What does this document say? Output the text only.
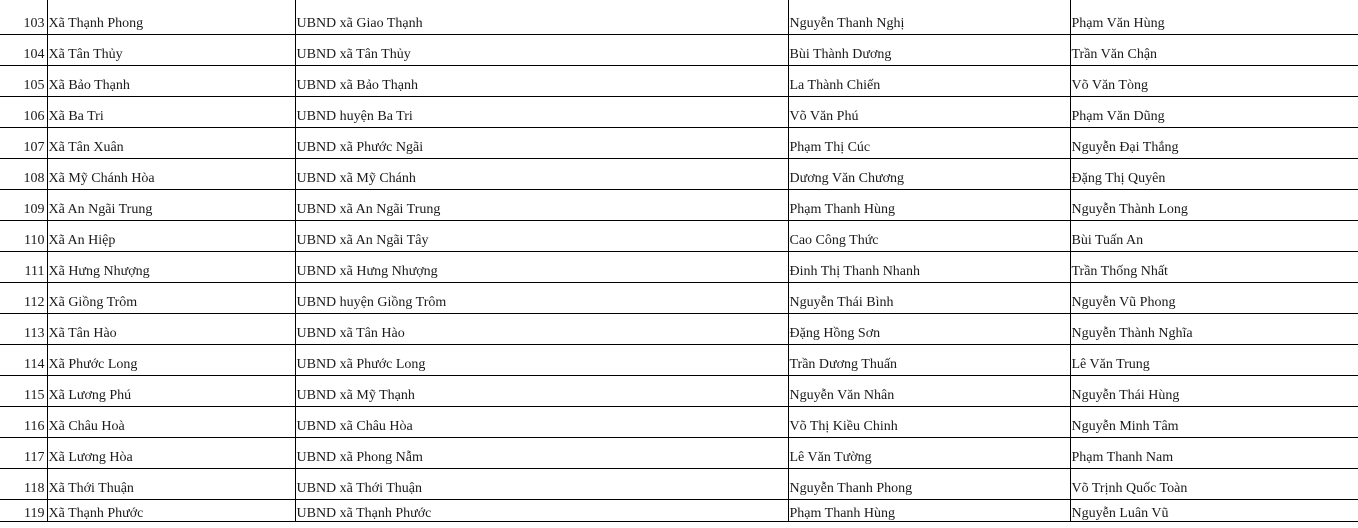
103	Xã Thạnh Phong	UBND xã Giao Thạnh	Nguyễn Thanh Nghị	Phạm Văn Hùng

104	Xã Tân Thủy	UBND xã Tân Thủy	Bùi Thành Dương	Trần Văn Chận

105	Xã Bảo Thạnh	UBND xã Bảo Thạnh	La Thành Chiến	Võ Văn Tòng

106	Xã Ba Tri	UBND huyện Ba Tri	Võ Văn Phú	Phạm Văn Dũng

107	Xã Tân Xuân	UBND xã Phước Ngãi	Phạm Thị Cúc	Nguyễn Đại Thắng

108	Xã Mỹ Chánh Hòa	UBND xã Mỹ Chánh	Dương Văn Chương	Đặng Thị Quyên

109	Xã An Ngãi Trung	UBND xã An Ngãi Trung	Phạm Thanh Hùng	Nguyễn Thành Long

110	Xã An Hiệp	UBND xã An Ngãi Tây	Cao Công Thức	Bùi Tuấn An

111	Xã Hưng Nhượng	UBND xã Hưng Nhượng	Đinh Thị Thanh Nhanh	Trần Thống Nhất

112	Xã Giồng Trôm	UBND huyện Giồng Trôm	Nguyễn Thái Bình	Nguyễn Vũ Phong

113	Xã Tân Hào	UBND xã Tân Hào	Đặng Hồng Sơn	Nguyễn Thành Nghĩa

114	Xã Phước Long	UBND xã Phước Long	Trần Dương Thuấn	Lê Văn Trung

115	Xã Lương Phú	UBND xã Mỹ Thạnh	Nguyễn Văn Nhân	Nguyễn Thái Hùng

116	Xã Châu Hoà	UBND xã Châu Hòa	Võ Thị Kiều Chinh	Nguyễn Minh Tâm

117	Xã Lương Hòa	UBND xã Phong Nẫm	Lê Văn Tường	Phạm Thanh Nam

118	Xã Thới Thuận	UBND xã Thới Thuận	Nguyễn Thanh Phong	Võ Trịnh Quốc Toàn

119	Xã Thạnh Phước	UBND xã Thạnh Phước	Phạm Thanh Hùng	Nguyễn Luân Vũ
